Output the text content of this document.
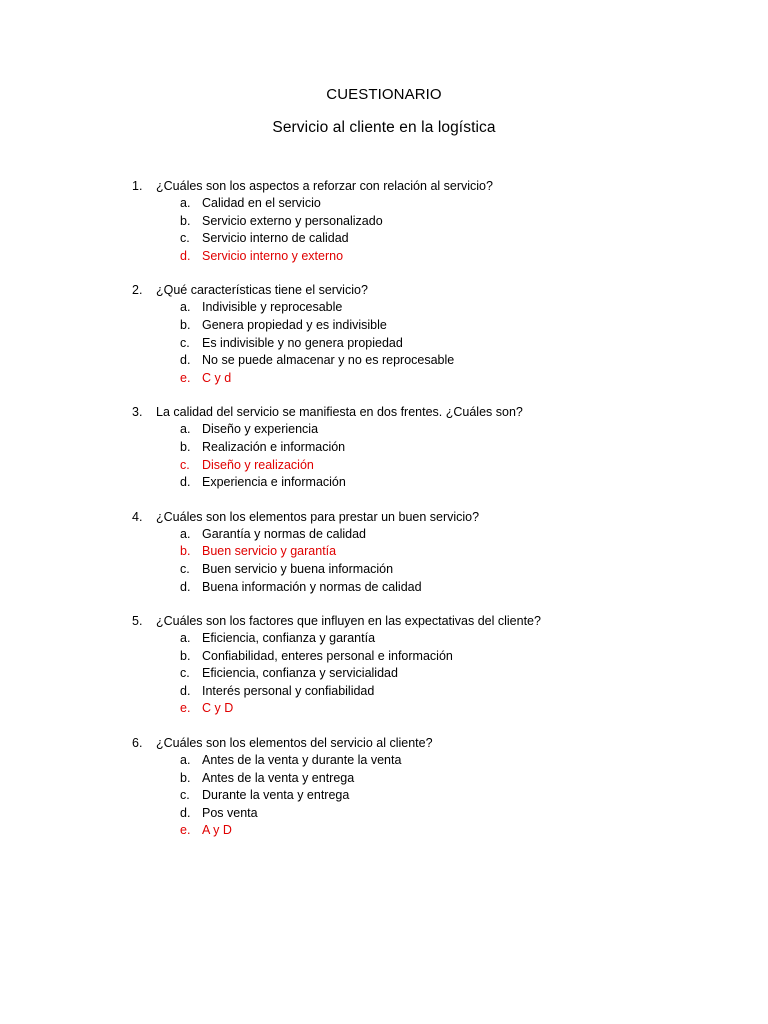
CUESTIONARIO
Servicio al cliente en la logística
1.	¿Cuáles son los aspectos a reforzar con relación al servicio?
a. Calidad en el servicio
b. Servicio externo y personalizado
c. Servicio interno de calidad
d. Servicio interno y externo
2.	¿Qué características tiene el servicio?
a. Indivisible y reprocesable
b. Genera propiedad y es indivisible
c. Es indivisible y no genera propiedad
d. No se puede almacenar y no es reprocesable
e. C y d
3.	La calidad del servicio se manifiesta en dos frentes. ¿Cuáles son?
a. Diseño y experiencia
b. Realización e información
c. Diseño y realización
d. Experiencia e información
4.	¿Cuáles son los elementos para prestar un buen servicio?
a. Garantía y normas de calidad
b. Buen servicio y garantía
c. Buen servicio y buena información
d. Buena información y normas de calidad
5.	¿Cuáles son los factores que influyen en las expectativas del cliente?
a. Eficiencia, confianza y garantía
b. Confiabilidad, enteres personal e información
c. Eficiencia, confianza y servicialidad
d. Interés personal y confiabilidad
e. C y D
6.	¿Cuáles son los elementos del servicio al cliente?
a. Antes de la venta y durante la venta
b. Antes de la venta y entrega
c. Durante la venta y entrega
d. Pos venta
e. A y D
